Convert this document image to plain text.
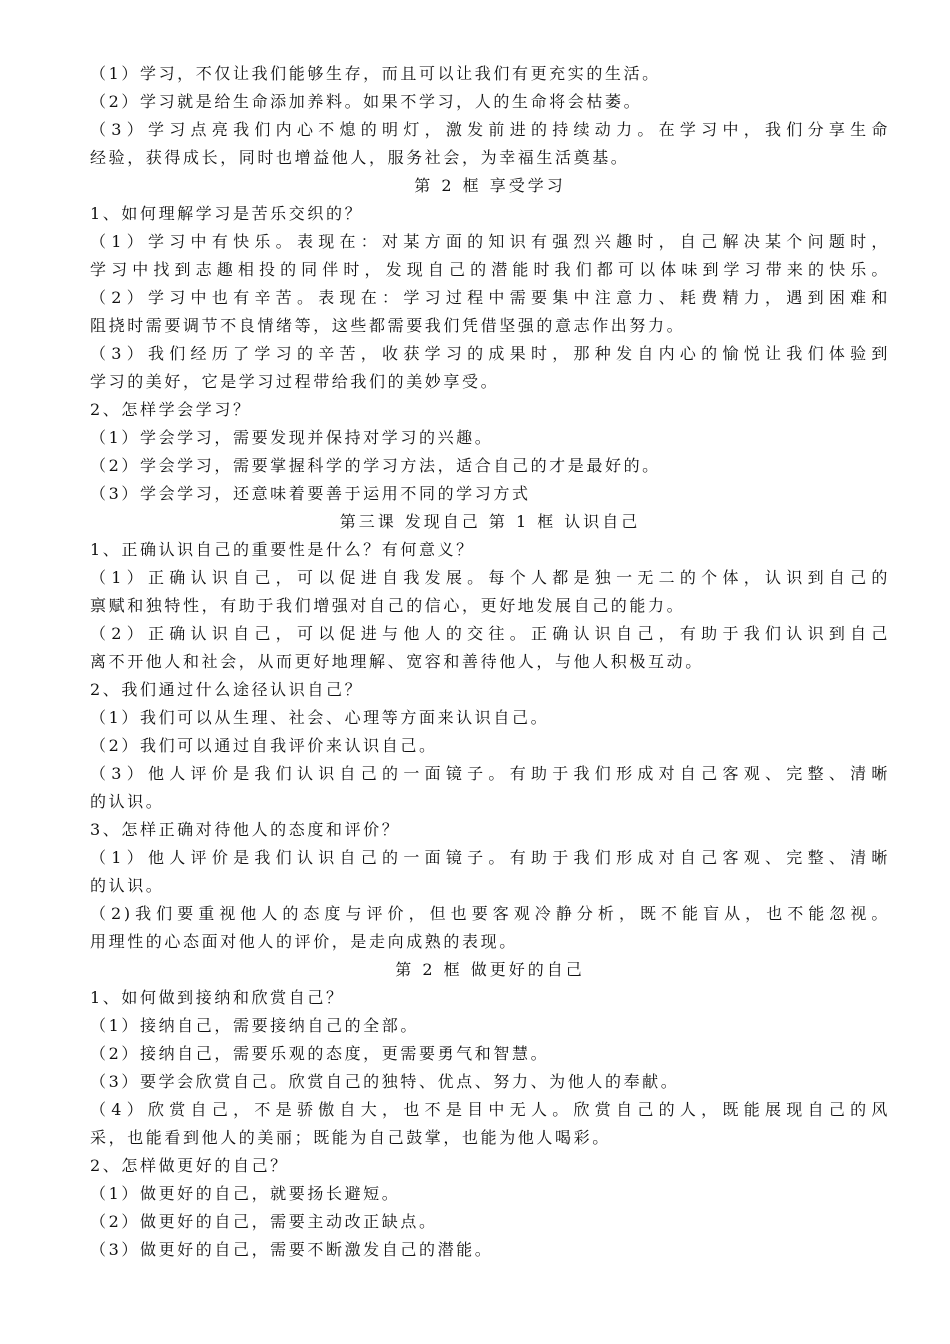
（1）学习，不仅让我们能够生存，而且可以让我们有更充实的生活。
（2）学习就是给生命添加养料。如果不学习，人的生命将会枯萎。
（3）学习点亮我们内心不熄的明灯，激发前进的持续动力。在学习中，我们分享生命
经验，获得成长，同时也增益他人，服务社会，为幸福生活奠基。
第 2 框 享受学习
1、如何理解学习是苦乐交织的？
（1）学习中有快乐。表现在：对某方面的知识有强烈兴趣时，自己解决某个问题时，
学习中找到志趣相投的同伴时，发现自己的潜能时我们都可以体味到学习带来的快乐。
（2）学习中也有辛苦。表现在：学习过程中需要集中注意力、耗费精力，遇到困难和
阻挠时需要调节不良情绪等，这些都需要我们凭借坚强的意志作出努力。
（3）我们经历了学习的辛苦，收获学习的成果时，那种发自内心的愉悦让我们体验到
学习的美好，它是学习过程带给我们的美妙享受。
2、怎样学会学习？
（1）学会学习，需要发现并保持对学习的兴趣。
（2）学会学习，需要掌握科学的学习方法，适合自己的才是最好的。
（3）学会学习，还意味着要善于运用不同的学习方式
第三课 发现自己 第 1 框 认识自己
1、正确认识自己的重要性是什么？有何意义？
（1）正确认识自己，可以促进自我发展。每个人都是独一无二的个体，认识到自己的
禀赋和独特性，有助于我们增强对自己的信心，更好地发展自己的能力。
（2）正确认识自己，可以促进与他人的交往。正确认识自己，有助于我们认识到自己
离不开他人和社会，从而更好地理解、宽容和善待他人，与他人积极互动。
2、我们通过什么途径认识自己？
（1）我们可以从生理、社会、心理等方面来认识自己。
（2）我们可以通过自我评价来认识自己。
（3）他人评价是我们认识自己的一面镜子。有助于我们形成对自己客观、完整、清晰
的认识。
3、怎样正确对待他人的态度和评价？
（1）他人评价是我们认识自己的一面镜子。有助于我们形成对自己客观、完整、清晰
的认识。
（2)我们要重视他人的态度与评价，但也要客观冷静分析，既不能盲从，也不能忽视。
用理性的心态面对他人的评价，是走向成熟的表现。
第 2 框 做更好的自己
1、如何做到接纳和欣赏自己？
（1）接纳自己，需要接纳自己的全部。
（2）接纳自己，需要乐观的态度，更需要勇气和智慧。
（3）要学会欣赏自己。欣赏自己的独特、优点、努力、为他人的奉献。
（4）欣赏自己，不是骄傲自大，也不是目中无人。欣赏自己的人，既能展现自己的风
采，也能看到他人的美丽；既能为自己鼓掌，也能为他人喝彩。
2、怎样做更好的自己？
（1）做更好的自己，就要扬长避短。
（2）做更好的自己，需要主动改正缺点。
（3）做更好的自己，需要不断激发自己的潜能。
